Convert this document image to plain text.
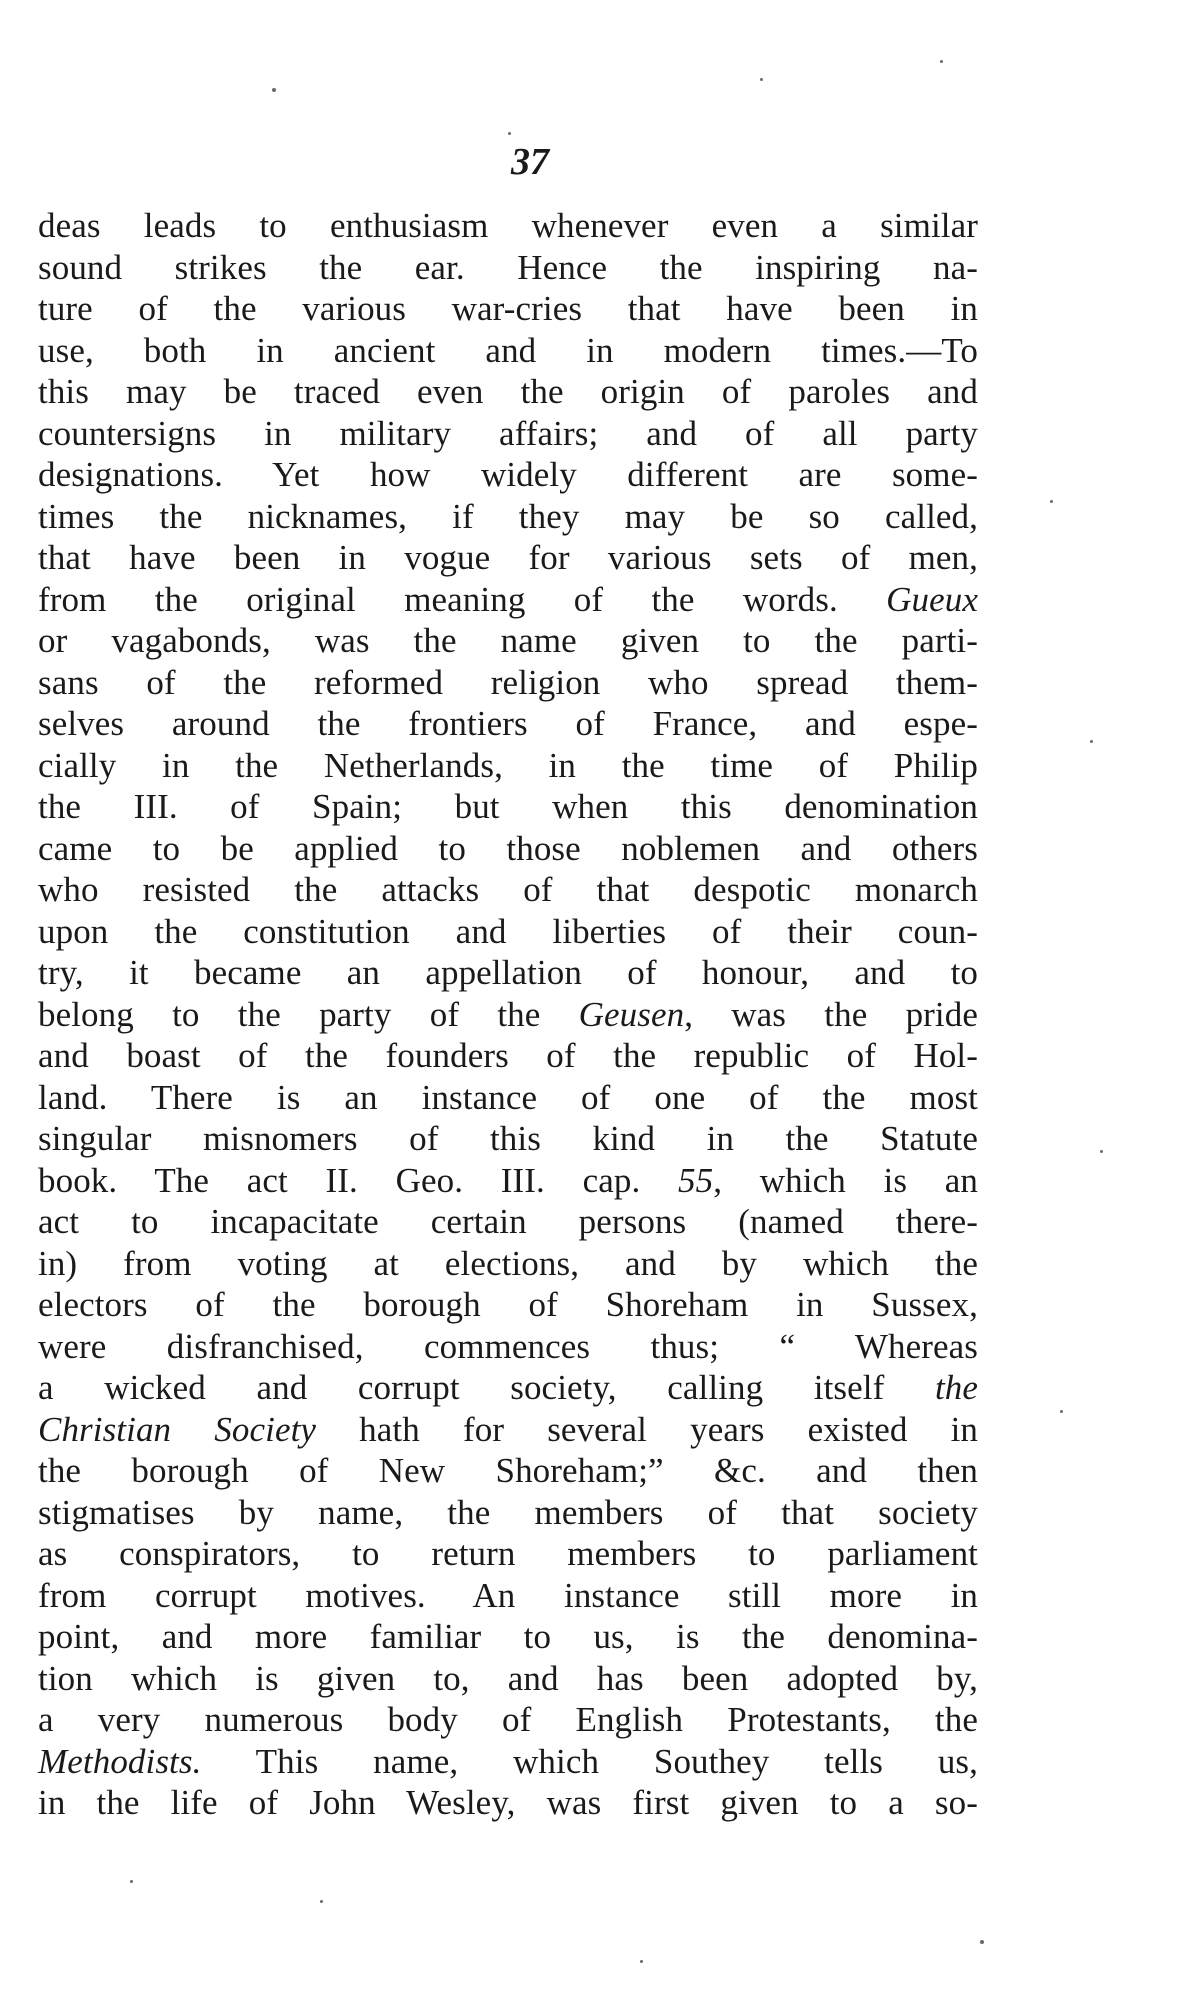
37
deas leads to enthusiasm whenever even a similar
sound strikes the ear. Hence the inspiring na-
ture of the various war-cries that have been in
use, both in ancient and in modern times.—To
this may be traced even the origin of paroles and
countersigns in military affairs; and of all party
designations. Yet how widely different are some-
times the nicknames, if they may be so called,
that have been in vogue for various sets of men,
from the original meaning of the words. Gueux
or vagabonds, was the name given to the parti-
sans of the reformed religion who spread them-
selves around the frontiers of France, and espe-
cially in the Netherlands, in the time of Philip
the III. of Spain; but when this denomination
came to be applied to those noblemen and others
who resisted the attacks of that despotic monarch
upon the constitution and liberties of their coun-
try, it became an appellation of honour, and to
belong to the party of the Geusen, was the pride
and boast of the founders of the republic of Hol-
land. There is an instance of one of the most
singular misnomers of this kind in the Statute
book. The act II. Geo. III. cap. 55, which is an
act to incapacitate certain persons (named there-
in) from voting at elections, and by which the
electors of the borough of Shoreham in Sussex,
were disfranchised, commences thus; “ Whereas
a wicked and corrupt society, calling itself the
Christian Society hath for several years existed in
the borough of New Shoreham;” &c. and then
stigmatises by name, the members of that society
as conspirators, to return members to parliament
from corrupt motives. An instance still more in
point, and more familiar to us, is the denomina-
tion which is given to, and has been adopted by,
a very numerous body of English Protestants, the
Methodists. This name, which Southey tells us,
in the life of John Wesley, was first given to a so-
